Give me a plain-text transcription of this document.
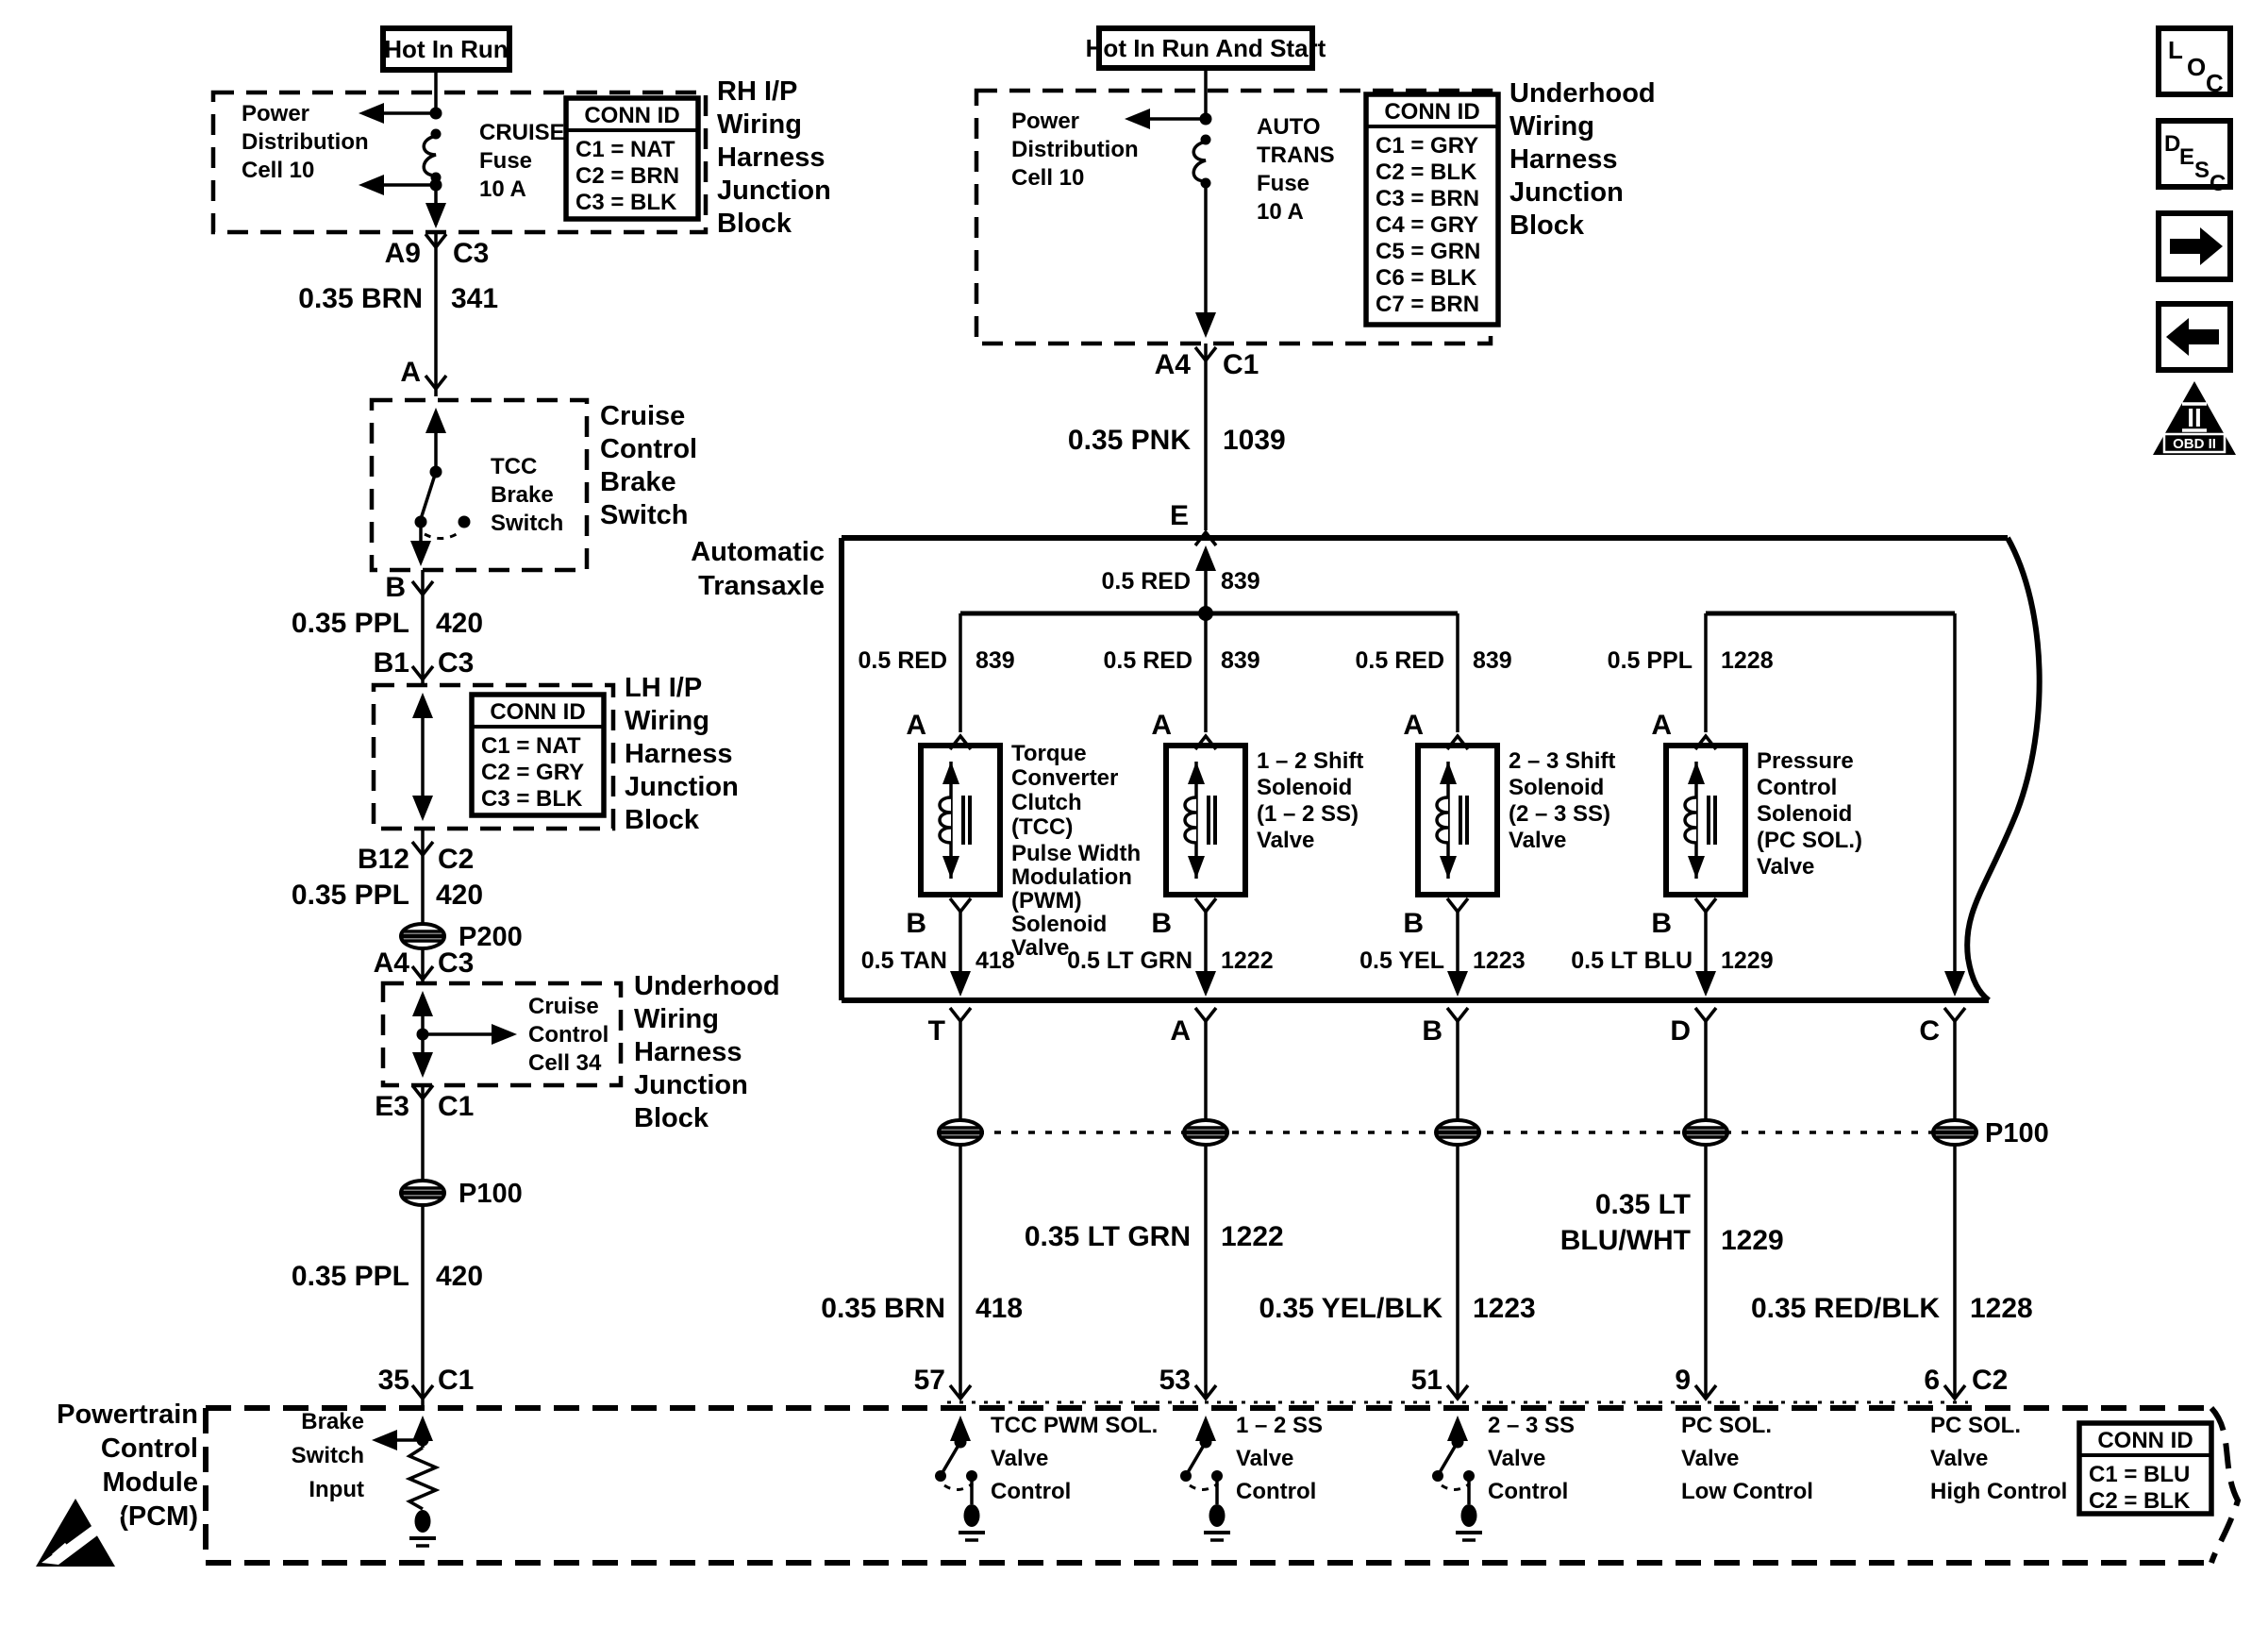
Hot In Run
Power
Distribution
Cell 10
CRUISE
Fuse
10 A
CONN ID
C1 = NAT
C2 = BRN
C3 = BLK
RH I/P
Wiring
Harness
Junction
Block
A9 C3
0.35 BRN 341
A
TCC
Brake
Switch
Cruise
Control
Brake
Switch
B
0.35 PPL 420
B1 C3
CONN ID
C1 = NAT
C2 = GRY
C3 = BLK
LH I/P
Wiring
Harness
Junction
Block
B12 C2
0.35 PPL 420
P200
A4 C3
Cruise
Control
Cell 34
Underhood
Wiring
Harness
Junction
Block
E3 C1
P100
0.35 PPL 420
35 C1
Hot In Run And Start
Power
Distribution
Cell 10
AUTO
TRANS
Fuse
10 A
CONN ID
C1 = GRY
C2 = BLK
C3 = BRN
C4 = GRY
C5 = GRN
C6 = BLK
C7 = BRN
Underhood
Wiring
Harness
Junction
Block
A4 C1
0.35 PNK 1039
E
Automatic
Transaxle	0.5 RED 839
0.5 RED 839
A
B
0.5 TAN 418
Torque
Converter
Clutch
(TCC)
Pulse Width
Modulation
(PWM)
Solenoid
Valve
T
0.5 RED 839
A
B
0.5 LT GRN 1222
1 – 2 Shift
Solenoid
(1 – 2 SS)
Valve
A
0.5 RED 839
A
B
0.5 YEL 1223
2 – 3 Shift
Solenoid
(2 – 3 SS)
Valve
B
0.5 PPL 1228
A
B
0.5 LT BLU 1229
Pressure
Control
Solenoid
(PC SOL.)
Valve
D	C
P100
0.35 LT GRN 1222
0.35 LT
BLU/WHT 1229
0.35 BRN 418	0.35 YEL/BLK 1223	0.35 RED/BLK 1228
57	53	51	9	6 C2
Powertrain
Control
Module
(PCM)
Brake
Switch
Input
TCC PWM SOL.
Valve
Control
1 – 2 SS
Valve
Control
2 – 3 SS
Valve
Control
PC SOL.
Valve
Low Control
PC SOL.
Valve
High Control
CONN ID
C1 = BLU
C2 = BLK
L
O
C
D
E
S
C
II
OBD II
